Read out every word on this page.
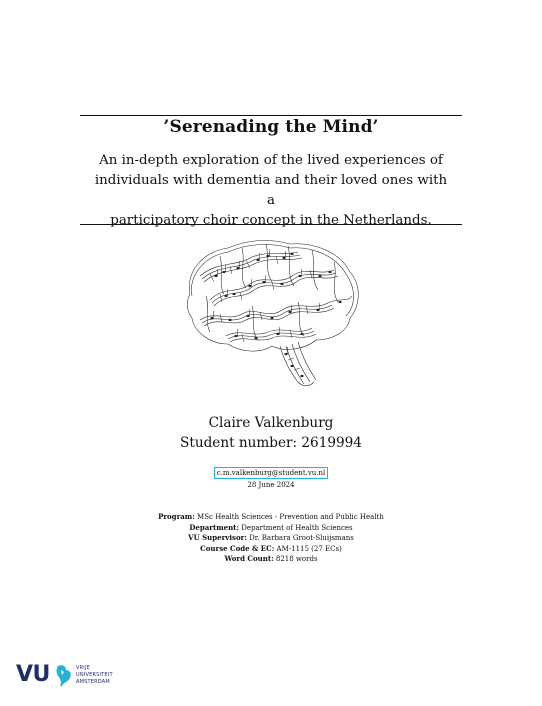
’Serenading the Mind’
An in-depth exploration of the lived experiences of
individuals with dementia and their loved ones with a
participatory choir concept in the Netherlands.
Claire Valkenburg
Student number: 2619994
c.m.valkenburg@student.vu.nl
28 June 2024
Program: MSc Health Sciences - Prevention and Public Health
Department: Department of Health Sciences
VU Supervisor: Dr. Barbara Groot-Sluijsmans
Course Code & EC: AM-1115 (27 ECs)
Word Count: 8218 words
VU	VRIJE
UNIVERSITEIT
AMSTERDAM
